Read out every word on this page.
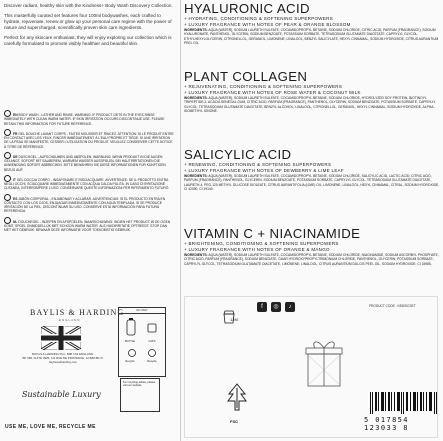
Discover radiant, healthy skin with the Kindness+ Body Wash Discovery Collection.

This masterfully curated set features four 100ml bodywashes, each crafted to hydrate, rejuvenate, renew or glow up your personal care regime with the power of nature and supercharged, scientifically proven skin care ingredients.

Perfect for any skincare enthusiast, they will enjoy exploring our collection which is carefully formulated to promote visibly healthier and beautiful skin.

EN BODY WASH - LATHER AND RINSE. WARNING: IF PRODUCT GETS IN THE EYES RINSE IMMEDIATELY WITH CLEAN WARM WATER. IF SKIN IRRITATION OCCURS DISCONTINUE USE. PLEASE RETAIN THIS INFORMATION FOR FUTURE REFERENCE.
FR GEL DOUCHE LAVANT CORPS - FAITES MOUSSER ET RINCEZ. ATTENTION: SI LE PRODUIT ENTRE EN CONTACT AVEC LES YEUX, RINCER IMMÉDIATEMENT À L'EAU PROPRE ET TIÈDE. SI UNE IRRITATION DE LA PEAU SE MANIFESTE, CESSER L'UTILISATION DU PRODUIT. VEUILLEZ CONSERVER CETTE NOTICE À TITRE DE RÉFÉRENCE.
DE DUSCHGEL - AUFSCHÄUMEN UND ABSPÜLEN. WARNUNG: WENN PRODUKT IN DIE AUGEN GELANGT, SOFORT MIT SAUBEREM, WARMEM WASSER AUSSPÜLEN. BEI HAUTIRRITATIONEN DIE ANWENDUNG SOFORT ABBRECHEN. BITTE BEWAHREN SIE DIESE INFORMATIONEN FÜR KÜNFTIGEN BEZUG AUF.
IT GEL DOCCIA CORPO - INSAPONARE E RISCIACQUARE. AVVERTENZE: SE IL PRODOTTO ENTRA NEGLI OCCHI, SCIACQUARE IMMEDIATAMENTE CON ACQUA CALDA PULITA. IN CASO DI IRRITAZIONE CUTANEA, INTERROMPERE L'USO. CONSERVARE QUESTE INFORMAZIONI PER RIFERIMENTO FUTURO.
ES JABÓN CORPORAL - ENJABONAR Y ACLARAR. ADVERTENCIAS: SI EL PRODUCTO ENTRA EN CONTACTO CON LOS OJOS, ENJUAGAR INMEDIATAMENTE CON AGUA TEMPLADA. SI SE PRODUCE IRRITACIÓN DE LA PIEL, DISCONTINUAR SU USO. CONSERVE ESTA INFORMACIÓN PARA FUTURA REFERENCIA.
NL DOUCHEGEL - INZEPEN EN AFSPOELEN. WAARSCHUWING: INDIEN HET PRODUCT IN DE OGEN KOMT, SPOEL ONMIDDELLIJK MET SCHOON WARM WATER. ALS HUIDIRRITATIE OPTREEDT, STOP DAN MET HET GEBRUIK. BEWAAR DEZE INFORMATIE VOOR TOEKOMSTIG GEBRUIK.
BAYLIS & HARDING
ENGLAND
BAYLIS & HARDING PLC, B98 7AS ENGLAND.
BP 368, SUITE 3925, 111 RUE DE PROVENCE, 12 B68 BIU F.
baylisandharding.com
Sustainable Luxury
USE ME, LOVE ME, RECYCLE ME
UK ONLY
BOTTLE	CAPS
Recycle	Recycle
For recycling advice, please visit our website
HYALURONIC ACID
+ HYDRATING, CONDITIONING & SOFTENING SUPERPOWERS
+ LUXURY FRAGRANCE WITH NOTES OF PEAR & ORANGE BLOSSOM
INGREDIENTS: AQUA (WATER), SODIUM LAURETH SULFATE, COCAMIDOPROPYL BETAINE, SODIUM CHLORIDE, CITRIC ACID, PARFUM (FRAGRANCE), SODIUM HYALURONATE, PANTHENOL, GLYCERIN, SODIUM BENZOATE, POTASSIUM SORBATE, TETRASODIUM GLUTAMATE DIACETATE, CAPRYLYL GLYCOL, ETHYLHEXYLGLYCERIN, CITRONELLOL, GERANIOL, LIMONENE, LINALOOL, BENZYL SALICYLATE, HEXYL CINNAMAL, SODIUM HYDROXIDE, CITRUS AURANTIUM PEEL OIL.
PLANT COLLAGEN
+ REJUVENATING, CONDITIONING & SOFTENING SUPERPOWERS
+ LUXURY FRAGRANCE WITH NOTES OF ROSE WATER & COCONUT MILK
INGREDIENTS: AQUA (WATER), SODIUM LAURETH SULFATE, COCAMIDOPROPYL BETAINE, SODIUM CHLORIDE, HYDROLYZED SOY PROTEIN, BIOTINOYL TRIPEPTIDE-1, ACACIA SENEGAL GUM, CITRIC ACID, PARFUM (FRAGRANCE), PANTHENOL, GLYCERIN, SODIUM BENZOATE, POTASSIUM SORBATE, CAPRYLYL GLYCOL, TETRASODIUM GLUTAMATE DIACETATE, BENZYL ALCOHOL, LINALOOL, CITRONELLOL, GERANIOL, HEXYL CINNAMAL, SODIUM HYDROXIDE, ALPHA-ISOMETHYL IONONE.
SALICYLIC ACID
+ RENEWING, CONDITIONING & SOFTENING SUPERPOWERS
+ LUXURY FRAGRANCE WITH NOTES OF DEWBERRY & LIME LEAF
INGREDIENTS: AQUA (WATER), SODIUM LAURETH SULFATE, COCAMIDOPROPYL BETAINE, SODIUM CHLORIDE, SALICYLIC ACID, LACTIC ACID, CITRIC ACID, PARFUM (FRAGRANCE), PANTHENOL, GLYCERIN, SODIUM BENZOATE, POTASSIUM SORBATE, CAPRYLYL GLYCOL, TETRASODIUM GLUTAMATE DIACETATE, LAURETH-4, PEG-120 METHYL GLUCOSE DIOLEATE, CITRUS AURANTIFOLIA (LIME) OIL, LIMONENE, LINALOOL, HEXYL CINNAMAL, CITRAL, SODIUM HYDROXIDE, CI 42090, CI 19140.
VITAMIN C + NIACINAMIDE
+ BRIGHTENING, CONDITIONING & SOFTENING SUPERPOWERS
+ LUXURY FRAGRANCE WITH NOTES OF ORANGE & MANGO
INGREDIENTS: AQUA (WATER), SODIUM LAURETH SULFATE, COCAMIDOPROPYL BETAINE, SODIUM CHLORIDE, NIACINAMIDE, SODIUM ASCORBYL PHOSPHATE, CITRIC ACID, PARFUM (FRAGRANCE), SODIUM BENZOATE, GUAR HYDROXYPROPYLTRIMONIUM CHLORIDE, PANTHENOL, GLYCERIN, POTASSIUM SORBATE, CAPRYLYL GLYCOL, TETRASODIUM GLUTAMATE DIACETATE, LIMONENE, LINALOOL, CITRUS AURANTIUM DULCIS PEEL OIL, SODIUM HYDROXIDE, CI 15985.
f	◎	♪
12M
FSC
PRODUCT CODE : KBDISCSET
5 017854 123033 8
